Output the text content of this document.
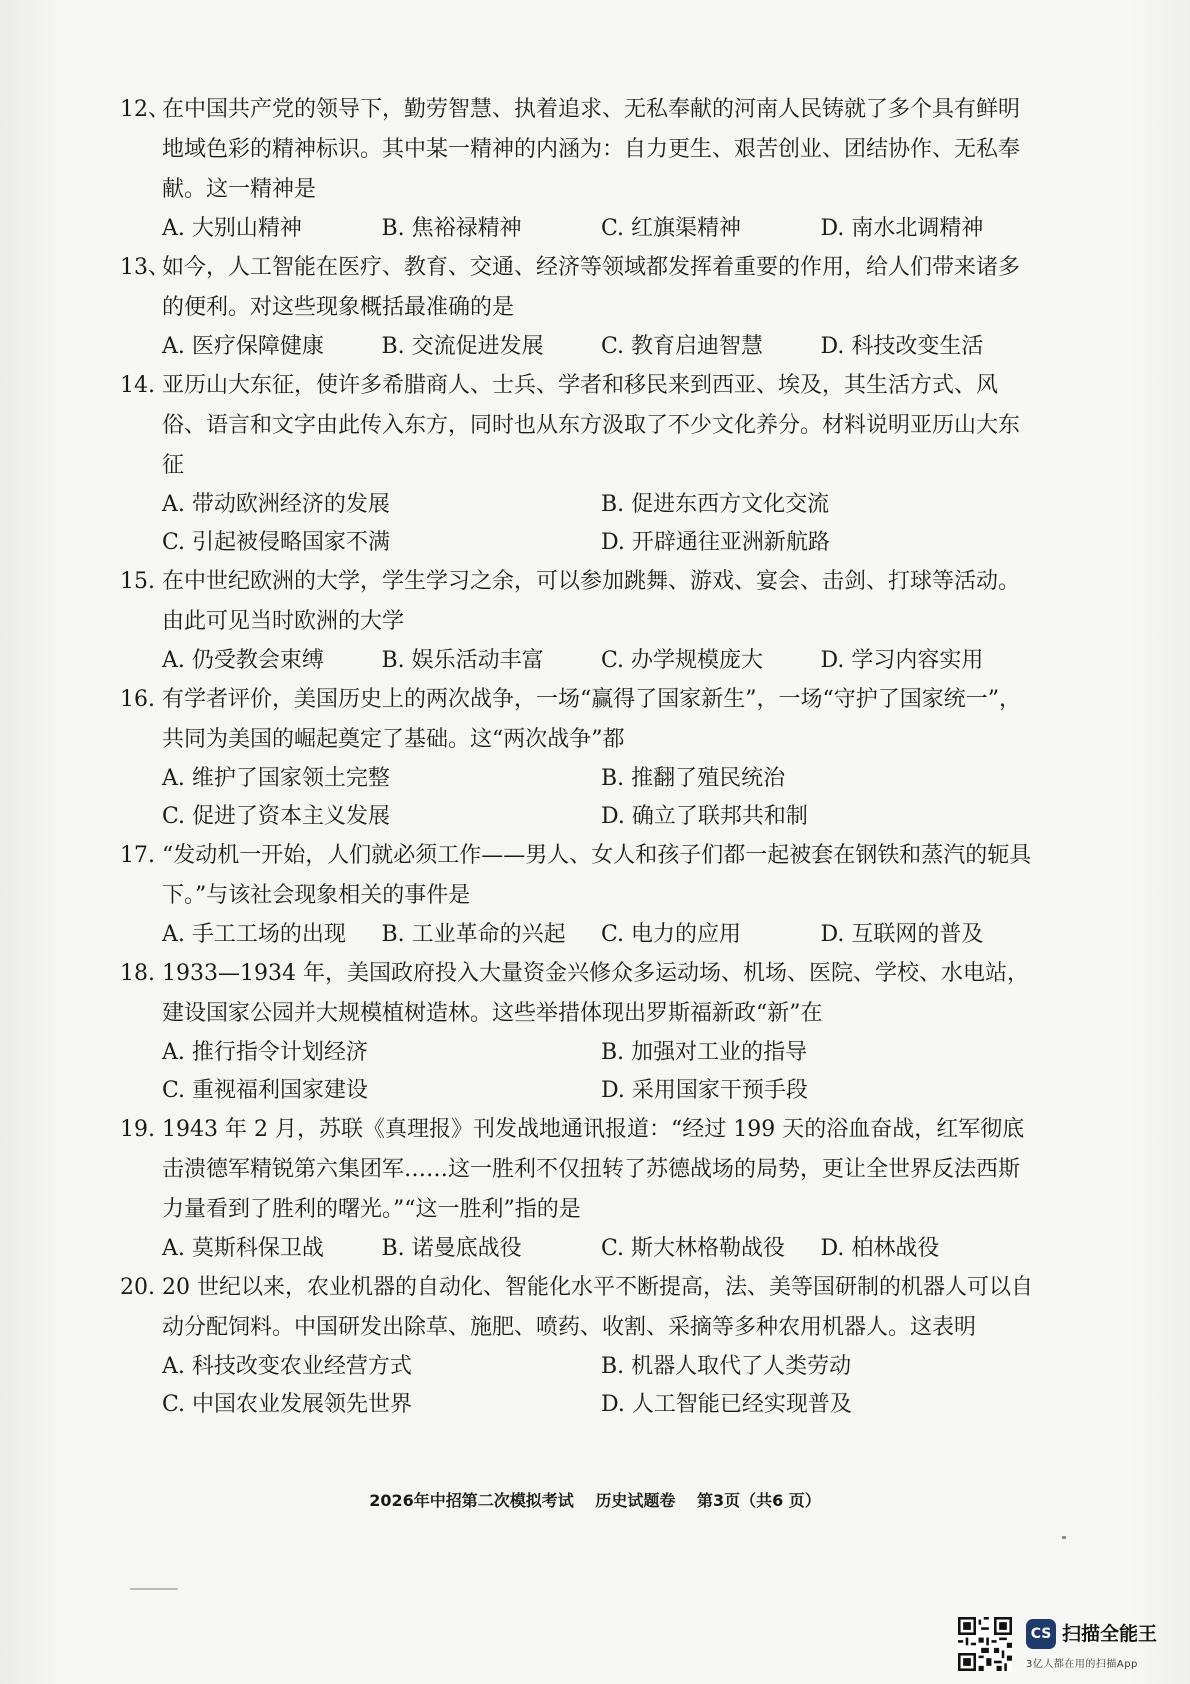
12、
在中国共产党的领导下，勤劳智慧、执着追求、无私奉献的河南人民铸就了多个具有鲜明地域色彩的精神标识。其中某一精神的内涵为：自力更生、艰苦创业、团结协作、无私奉献。这一精神是
A. 大别山精神	B. 焦裕禄精神	C. 红旗渠精神	D. 南水北调精神
13、
如今，人工智能在医疗、教育、交通、经济等领域都发挥着重要的作用，给人们带来诸多的便利。对这些现象概括最准确的是
A. 医疗保障健康	B. 交流促进发展	C. 教育启迪智慧	D. 科技改变生活
14. 亚历山大东征，使许多希腊商人、士兵、学者和移民来到西亚、埃及，其生活方式、风俗、语言和文字由此传入东方，同时也从东方汲取了不少文化养分。材料说明亚历山大东征
A. 带动欧洲经济的发展	B. 促进东西方文化交流
C. 引起被侵略国家不满	D. 开辟通往亚洲新航路
15. 在中世纪欧洲的大学，学生学习之余，可以参加跳舞、游戏、宴会、击剑、打球等活动。由此可见当时欧洲的大学
A. 仍受教会束缚	B. 娱乐活动丰富	C. 办学规模庞大	D. 学习内容实用
16. 有学者评价，美国历史上的两次战争，一场“赢得了国家新生”，一场“守护了国家统一”，共同为美国的崛起奠定了基础。这“两次战争”都
A. 维护了国家领土完整	B. 推翻了殖民统治
C. 促进了资本主义发展	D. 确立了联邦共和制
17. “发动机一开始，人们就必须工作——男人、女人和孩子们都一起被套在钢铁和蒸汽的轭具下。”与该社会现象相关的事件是
A. 手工工场的出现	B. 工业革命的兴起	C. 电力的应用	D. 互联网的普及
18. 1933—1934 年，美国政府投入大量资金兴修众多运动场、机场、医院、学校、水电站，建设国家公园并大规模植树造林。这些举措体现出罗斯福新政“新”在
A. 推行指令计划经济	B. 加强对工业的指导
C. 重视福利国家建设	D. 采用国家干预手段
19. 1943 年 2 月，苏联《真理报》刊发战地通讯报道：“经过 199 天的浴血奋战，红军彻底击溃德军精锐第六集团军……这一胜利不仅扭转了苏德战场的局势，更让全世界反法西斯力量看到了胜利的曙光。”“这一胜利”指的是
A. 莫斯科保卫战	B. 诺曼底战役	C. 斯大林格勒战役	D. 柏林战役
20. 20 世纪以来，农业机器的自动化、智能化水平不断提高，法、美等国研制的机器人可以自动分配饲料。中国研发出除草、施肥、喷药、收割、采摘等多种农用机器人。这表明
A. 科技改变农业经营方式	B. 机器人取代了人类劳动
C. 中国农业发展领先世界	D. 人工智能已经实现普及
2026年中招第二次模拟考试 历史试题卷 第3页（共6 页）
CS 扫描全能王
3亿人都在用的扫描App
